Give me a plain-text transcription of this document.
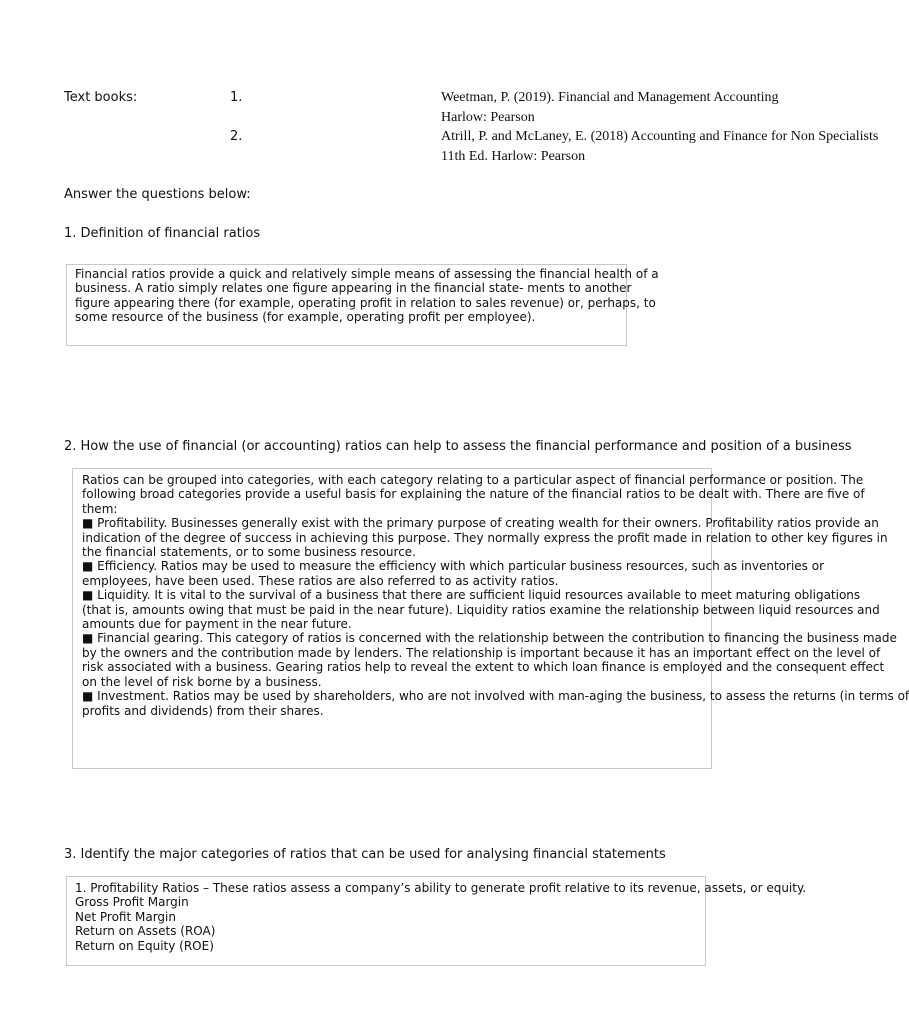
Text books:	1.	Weetman, P. (2019). Financial and Management Accounting
Harlow: Pearson
2.	Atrill, P. and McLaney, E. (2018) Accounting and Finance for Non Specialists
11th Ed. Harlow: Pearson
Answer the questions below:
1. Definition of financial ratios
Financial ratios provide a quick and relatively simple means of assessing the financial health of a
business. A ratio simply relates one figure appearing in the financial state- ments to another
figure appearing there (for example, operating profit in relation to sales revenue) or, perhaps, to
some resource of the business (for example, operating profit per employee).
2. How the use of financial (or accounting) ratios can help to assess the financial performance and position of a business
Ratios can be grouped into categories, with each category relating to a particular aspect of financial performance or position. The
following broad categories provide a useful basis for explaining the nature of the financial ratios to be dealt with. There are five of
them:
■ Profitability. Businesses generally exist with the primary purpose of creating wealth for their owners. Profitability ratios provide an
indication of the degree of success in achieving this purpose. They normally express the profit made in relation to other key figures in
the financial statements, or to some business resource.
■ Efficiency. Ratios may be used to measure the efficiency with which particular business resources, such as inventories or
employees, have been used. These ratios are also referred to as activity ratios.
■ Liquidity. It is vital to the survival of a business that there are sufficient liquid resources available to meet maturing obligations
(that is, amounts owing that must be paid in the near future). Liquidity ratios examine the relationship between liquid resources and
amounts due for payment in the near future.
■ Financial gearing. This category of ratios is concerned with the relationship between the contribution to financing the business made
by the owners and the contribution made by lenders. The relationship is important because it has an important effect on the level of
risk associated with a business. Gearing ratios help to reveal the extent to which loan finance is employed and the consequent effect
on the level of risk borne by a business.
■ Investment. Ratios may be used by shareholders, who are not involved with man-aging the business, to assess the returns (in terms of
profits and dividends) from their shares.
3. Identify the major categories of ratios that can be used for analysing financial statements
1. Profitability Ratios – These ratios assess a company’s ability to generate profit relative to its revenue, assets, or equity.
Gross Profit Margin
Net Profit Margin
Return on Assets (ROA)
Return on Equity (ROE)
